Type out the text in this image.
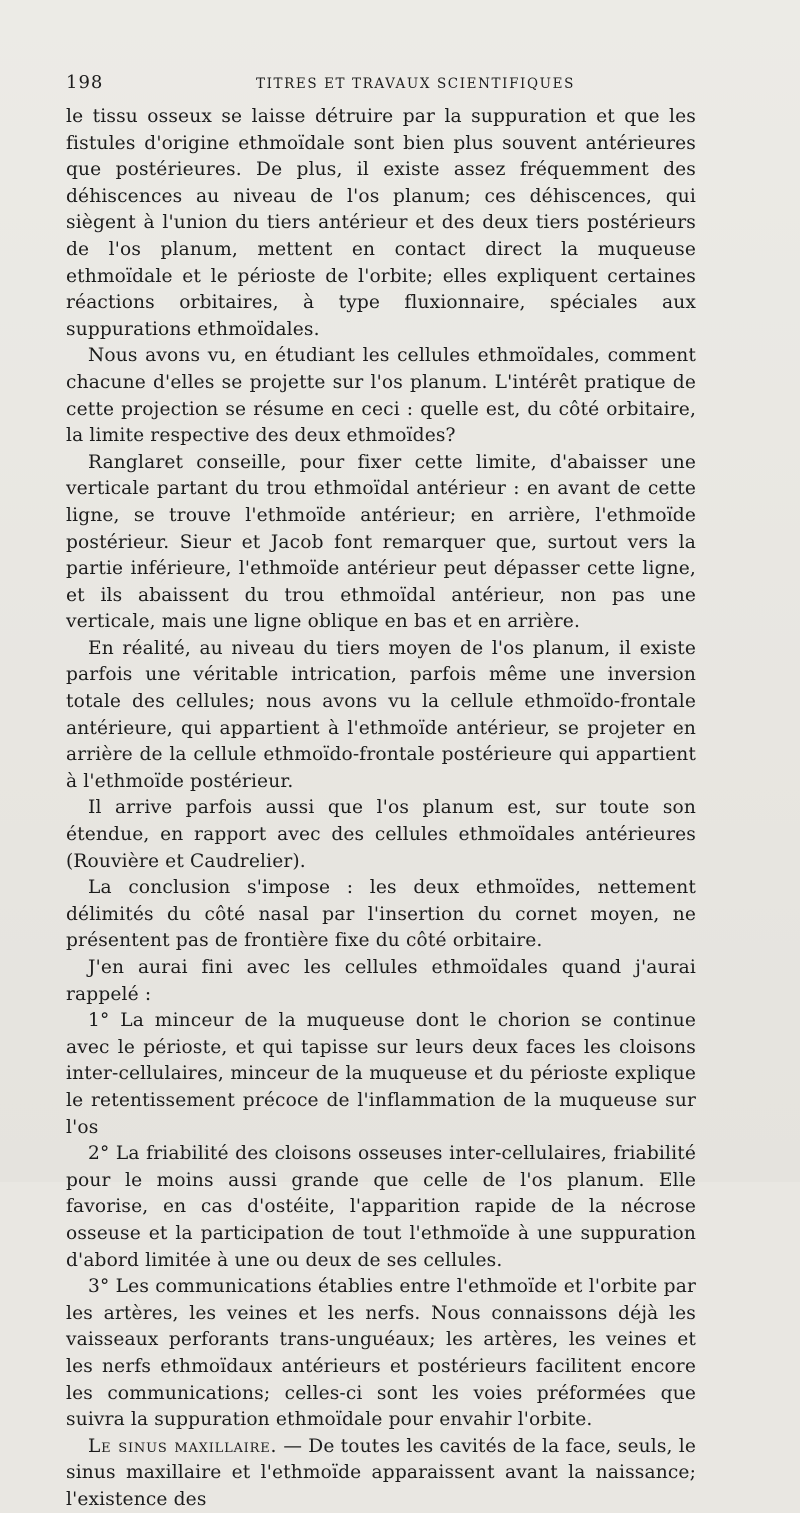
198	TITRES ET TRAVAUX SCIENTIFIQUES

le tissu osseux se laisse détruire par la suppuration et que les fistules d'origine ethmoïdale sont bien plus souvent antérieures que postérieures. De plus, il existe assez fréquemment des déhiscences au niveau de l'os planum; ces déhiscences, qui siègent à l'union du tiers antérieur et des deux tiers postérieurs de l'os planum, mettent en contact direct la muqueuse ethmoïdale et le périoste de l'orbite; elles expliquent certaines réactions orbitaires, à type fluxionnaire, spéciales aux suppurations ethmoïdales.

Nous avons vu, en étudiant les cellules ethmoïdales, comment chacune d'elles se projette sur l'os planum. L'intérêt pratique de cette projection se résume en ceci : quelle est, du côté orbitaire, la limite respective des deux ethmoïdes?

Ranglaret conseille, pour fixer cette limite, d'abaisser une verticale partant du trou ethmoïdal antérieur : en avant de cette ligne, se trouve l'ethmoïde antérieur; en arrière, l'ethmoïde postérieur. Sieur et Jacob font remarquer que, surtout vers la partie inférieure, l'ethmoïde antérieur peut dépasser cette ligne, et ils abaissent du trou ethmoïdal antérieur, non pas une verticale, mais une ligne oblique en bas et en arrière.

En réalité, au niveau du tiers moyen de l'os planum, il existe parfois une véritable intrication, parfois même une inversion totale des cellules; nous avons vu la cellule ethmoïdo-frontale antérieure, qui appartient à l'ethmoïde antérieur, se projeter en arrière de la cellule ethmoïdo-frontale postérieure qui appartient à l'ethmoïde postérieur.

Il arrive parfois aussi que l'os planum est, sur toute son étendue, en rapport avec des cellules ethmoïdales antérieures (Rouvière et Caudrelier).

La conclusion s'impose : les deux ethmoïdes, nettement délimités du côté nasal par l'insertion du cornet moyen, ne présentent pas de frontière fixe du côté orbitaire.

J'en aurai fini avec les cellules ethmoïdales quand j'aurai rappelé :

1° La minceur de la muqueuse dont le chorion se continue avec le périoste, et qui tapisse sur leurs deux faces les cloisons inter-cellulaires, minceur de la muqueuse et du périoste explique le retentissement précoce de l'inflammation de la muqueuse sur l'os

2° La friabilité des cloisons osseuses inter-cellulaires, friabilité pour le moins aussi grande que celle de l'os planum. Elle favorise, en cas d'ostéite, l'apparition rapide de la nécrose osseuse et la participation de tout l'ethmoïde à une suppuration d'abord limitée à une ou deux de ses cellules.

3° Les communications établies entre l'ethmoïde et l'orbite par les artères, les veines et les nerfs. Nous connaissons déjà les vaisseaux perforants trans-unguéaux; les artères, les veines et les nerfs ethmoïdaux antérieurs et postérieurs facilitent encore les communications; celles-ci sont les voies préformées que suivra la suppuration ethmoïdale pour envahir l'orbite.

Le sinus maxillaire. — De toutes les cavités de la face, seuls, le sinus maxillaire et l'ethmoïde apparaissent avant la naissance; l'existence des
